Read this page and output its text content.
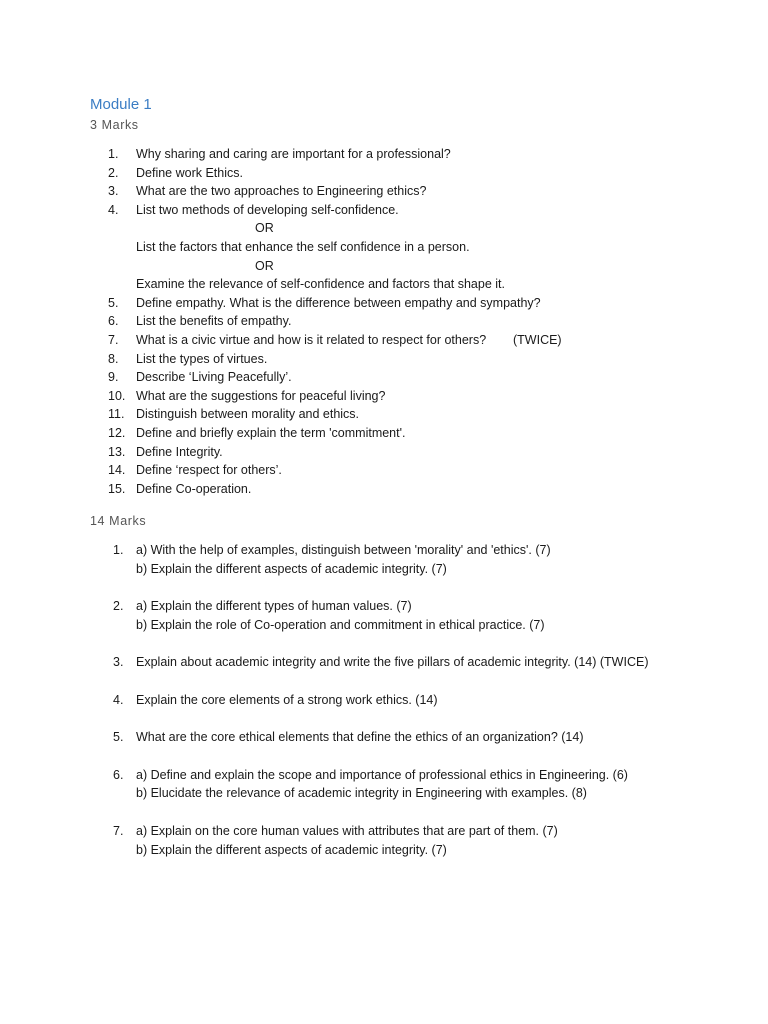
Module 1
3 Marks
1.	Why sharing and caring are important for a professional?
2.	Define work Ethics.
3.	What are the two approaches to Engineering ethics?
4.	List two methods of developing self-confidence.
OR
List the factors that enhance the self confidence in a person.
OR
Examine the relevance of self-confidence and factors that shape it.
5.	Define empathy. What is the difference between empathy and sympathy?
6.	List the benefits of empathy.
7.	What is a civic virtue and how is it related to respect for others? (TWICE)
8.	List the types of virtues.
9.	Describe ‘Living Peacefully’.
10. What are the suggestions for peaceful living?
11. Distinguish between morality and ethics.
12. Define and briefly explain the term 'commitment'.
13. Define Integrity.
14. Define ‘respect for others’.
15. Define Co-operation.
14 Marks
1. a) With the help of examples, distinguish between 'morality' and 'ethics'. (7)
b) Explain the different aspects of academic integrity. (7)
2. a) Explain the different types of human values. (7)
b) Explain the role of Co-operation and commitment in ethical practice. (7)
3. Explain about academic integrity and write the five pillars of academic integrity. (14) (TWICE)
4. Explain the core elements of a strong work ethics. (14)
5. What are the core ethical elements that define the ethics of an organization? (14)
6. a) Define and explain the scope and importance of professional ethics in Engineering. (6)
b) Elucidate the relevance of academic integrity in Engineering with examples. (8)
7. a) Explain on the core human values with attributes that are part of them. (7)
b) Explain the different aspects of academic integrity. (7)
